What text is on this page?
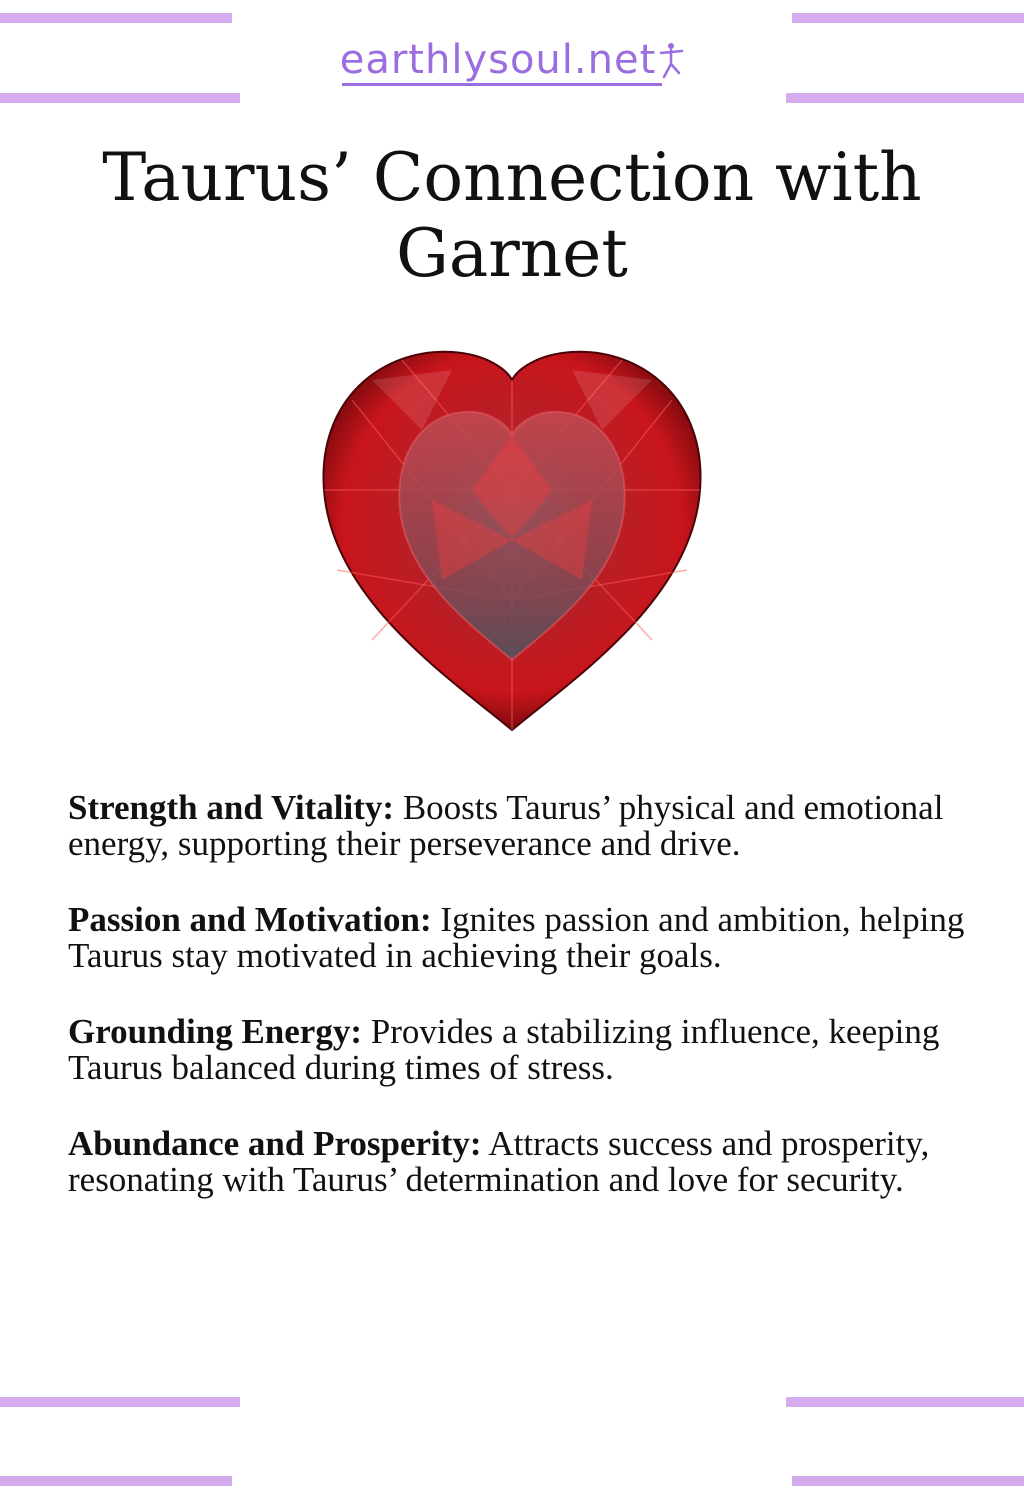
earthlysoul.net
Taurus’ Connection with
Garnet

Strength and Vitality: Boosts Taurus’ physical and emotional energy, supporting their perseverance and drive.

Passion and Motivation: Ignites passion and ambition, helping Taurus stay motivated in achieving their goals.

Grounding Energy: Provides a stabilizing influence, keeping Taurus balanced during times of stress.

Abundance and Prosperity: Attracts success and prosperity, resonating with Taurus’ determination and love for security.
